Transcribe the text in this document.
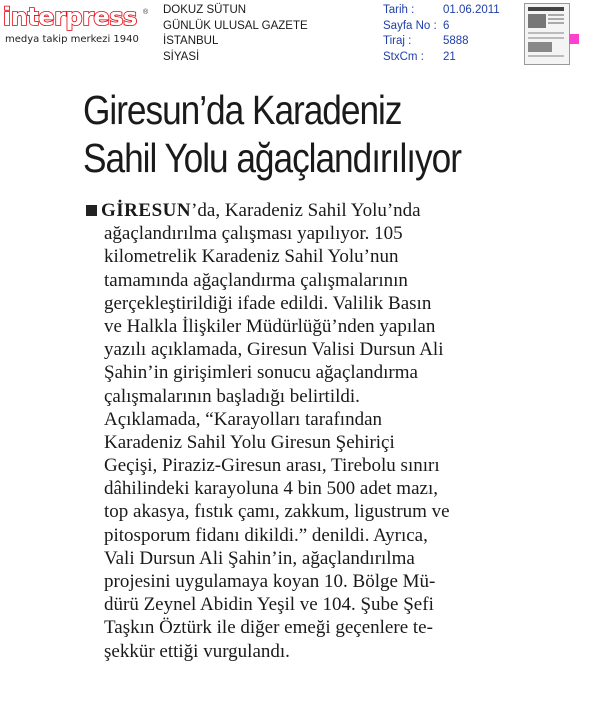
interpress ®
medya takip merkezi 1940
DOKUZ SÜTUN
GÜNLÜK ULUSAL GAZETE
İSTANBUL
SİYASİ
Tarih :	01.06.2011
Sayfa No : 6
Tiraj :	5888
StxCm :	21
Giresun’da Karadeniz
Sahil Yolu ağaçlandırılıyor
GİRESUN’da, Karadeniz Sahil Yolu’nda
ağaçlandırılma çalışması yapılıyor. 105
kilometrelik Karadeniz Sahil Yolu’nun
tamamında ağaçlandırma çalışmalarının
gerçekleştirildiği ifade edildi. Valilik Basın
ve Halkla İlişkiler Müdürlüğü’nden yapılan
yazılı açıklamada, Giresun Valisi Dursun Ali
Şahin’in girişimleri sonucu ağaçlandırma
çalışmalarının başladığı belirtildi.
Açıklamada, “Karayolları tarafından
Karadeniz Sahil Yolu Giresun Şehiriçi
Geçişi, Piraziz-Giresun arası, Tirebolu sınırı
dâhilindeki karayoluna 4 bin 500 adet mazı,
top akasya, fıstık çamı, zakkum, ligustrum ve
pitosporum fidanı dikildi.” denildi. Ayrıca,
Vali Dursun Ali Şahin’in, ağaçlandırılma
projesini uygulamaya koyan 10. Bölge Mü-
dürü Zeynel Abidin Yeşil ve 104. Şube Şefi
Taşkın Öztürk ile diğer emeği geçenlere te-
şekkür ettiği vurgulandı.
